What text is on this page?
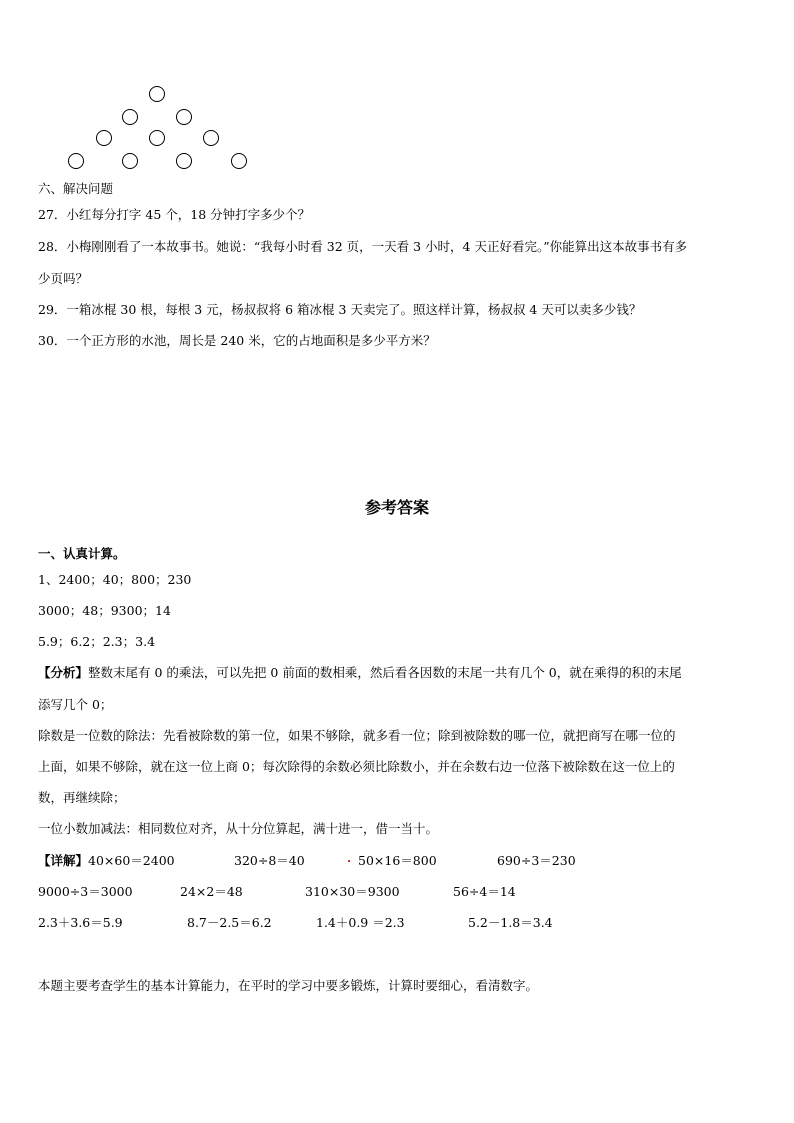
六、解决问题
27．小红每分打字 45 个，18 分钟打字多少个？
28．小梅刚刚看了一本故事书。她说：“我每小时看 32 页，一天看 3 小时，4 天正好看完。”你能算出这本故事书有多
少页吗？
29．一箱冰棍 30 根，每根 3 元，杨叔叔将 6 箱冰棍 3 天卖完了。照这样计算，杨叔叔 4 天可以卖多少钱？
30．一个正方形的水池，周长是 240 米，它的占地面积是多少平方米？
参考答案
一、认真计算。
1、2400；40；800；230
3000；48；9300；14
5.9；6.2；2.3；3.4
【分析】整数末尾有 0 的乘法，可以先把 0 前面的数相乘，然后看各因数的末尾一共有几个 0，就在乘得的积的末尾
添写几个 0；
除数是一位数的除法：先看被除数的第一位，如果不够除，就多看一位；除到被除数的哪一位，就把商写在哪一位的
上面，如果不够除，就在这一位上商 0；每次除得的余数必须比除数小，并在余数右边一位落下被除数在这一位上的
数，再继续除；
一位小数加减法：相同数位对齐，从十分位算起，满十进一，借一当十。
【详解】40×60＝2400	320÷8＝40	50×16＝800	690÷3＝230
9000÷3＝3000	24×2＝48	310×30＝9300	56÷4＝14
2.3＋3.6＝5.9	8.7－2.5＝6.2	1.4＋0.9 ＝2.3	5.2－1.8＝3.4
本题主要考查学生的基本计算能力，在平时的学习中要多锻炼，计算时要细心，看清数字。
